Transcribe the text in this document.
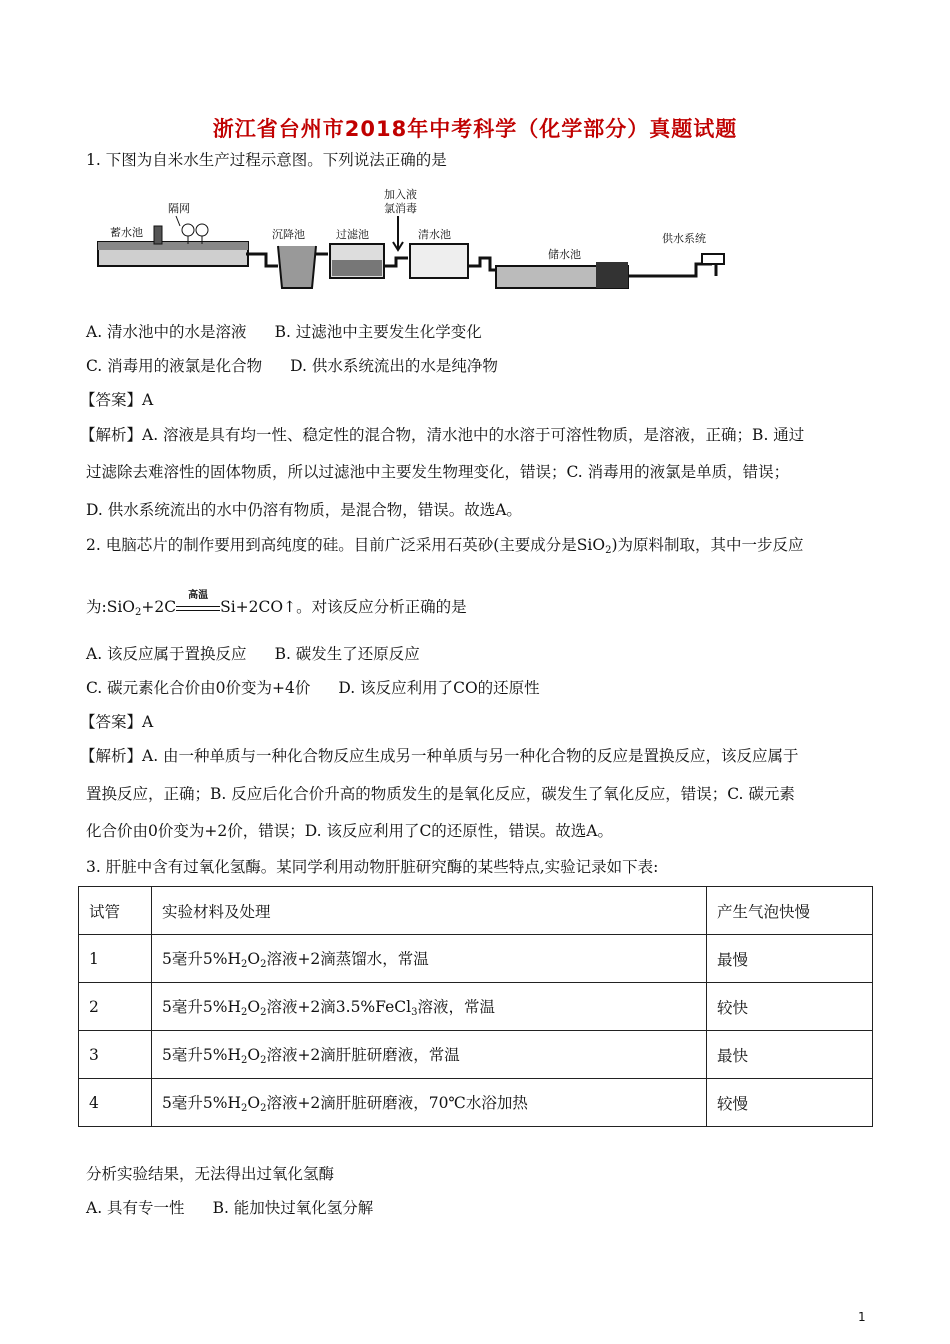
浙江省台州市2018年中考科学（化学部分）真题试题
1. 下图为自米水生产过程示意图。下列说法正确的是
蓄水池
隔网
沉降池	过滤池
加入液
氯消毒
清水池
储水池
供水系统
A. 清水池中的水是溶液 B. 过滤池中主要发生化学变化
C. 消毒用的液氯是化合物 D. 供水系统流出的水是纯净物
【答案】A
【解析】A. 溶液是具有均一性、稳定性的混合物，清水池中的水溶于可溶性物质，是溶液，正确；B. 通过
过滤除去难溶性的固体物质，所以过滤池中主要发生物理变化，错误；C. 消毒用的液氯是单质，错误；
D. 供水系统流出的水中仍溶有物质，是混合物，错误。故选A。
2. 电脑芯片的制作要用到高纯度的硅。目前广泛采用石英砂(主要成分是SiO$_2$)为原料制取，其中一步反应
为:SiO$_2$+2C
高温
Si+2CO↑。对该反应分析正确的是
A. 该反应属于置换反应 B. 碳发生了还原反应
C. 碳元素化合价由0价变为+4价 D. 该反应利用了CO的还原性
【答案】A
【解析】A. 由一种单质与一种化合物反应生成另一种单质与另一种化合物的反应是置换反应，该反应属于
置换反应，正确；B. 反应后化合价升高的物质发生的是氧化反应，碳发生了氧化反应，错误；C. 碳元素
化合价由0价变为+2价，错误；D. 该反应利用了C的还原性，错误。故选A。
3. 肝脏中含有过氧化氢酶。某同学利用动物肝脏研究酶的某些特点,实验记录如下表:
试管	实验材料及处理	产生气泡快慢
1	5毫升$5\%H_2O_2$溶液+2滴蒸馏水，常温	最慢
2	5毫升$5\%H_2O_2$溶液+2滴3.5%FeCl$_3$溶液，常温	较快
3	5毫升$5\%H_2O_2$溶液+2滴肝脏研磨液，常温	最快
4	5毫升$5\%H_2O_2$溶液+2滴肝脏研磨液，70℃水浴加热	较慢
分析实验结果，无法得出过氧化氢酶
A. 具有专一性 B. 能加快过氧化氢分解
1
